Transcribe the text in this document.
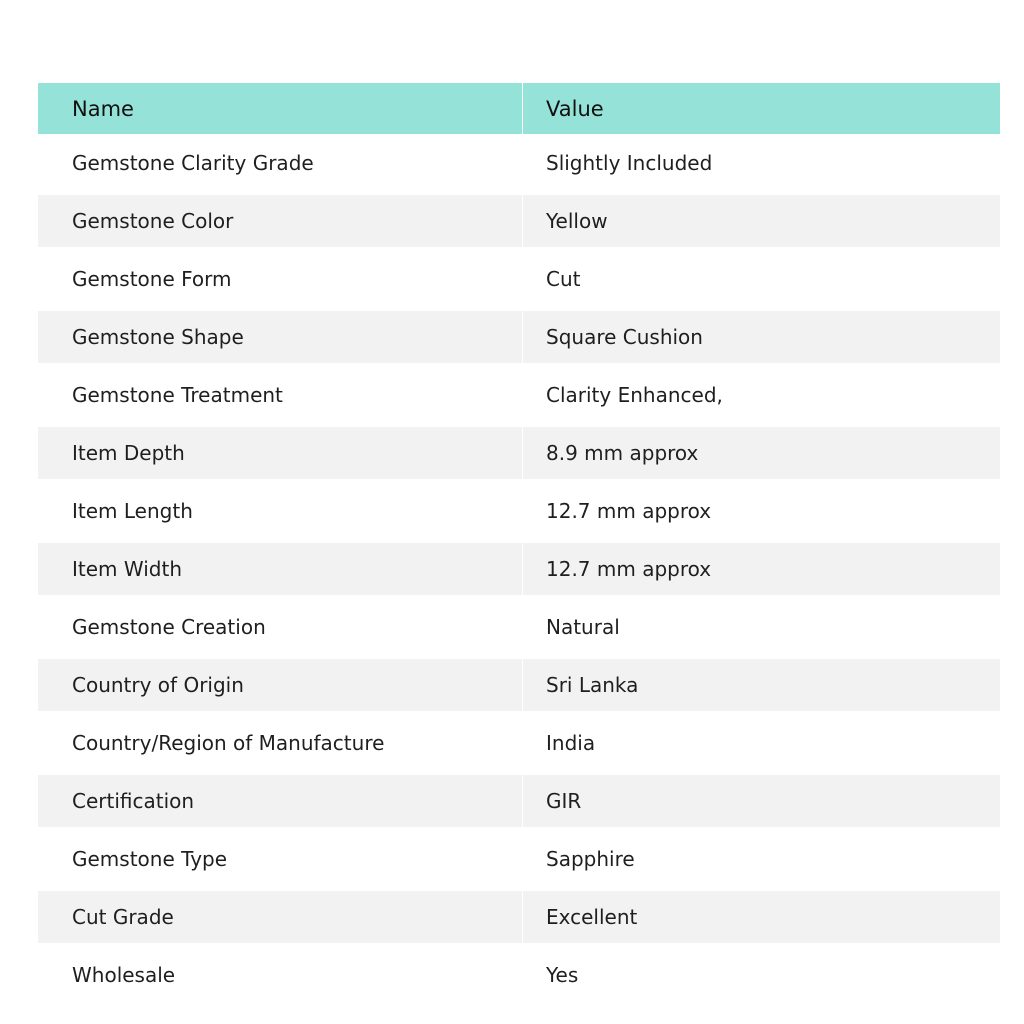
Name	Value
Gemstone Clarity Grade	Slightly Included
Gemstone Color	Yellow
Gemstone Form	Cut
Gemstone Shape	Square Cushion
Gemstone Treatment	Clarity Enhanced,
Item Depth	8.9 mm approx
Item Length	12.7 mm approx
Item Width	12.7 mm approx
Gemstone Creation	Natural
Country of Origin	Sri Lanka
Country/Region of Manufacture	India
Certification	GIR
Gemstone Type	Sapphire
Cut Grade	Excellent
Wholesale	Yes
